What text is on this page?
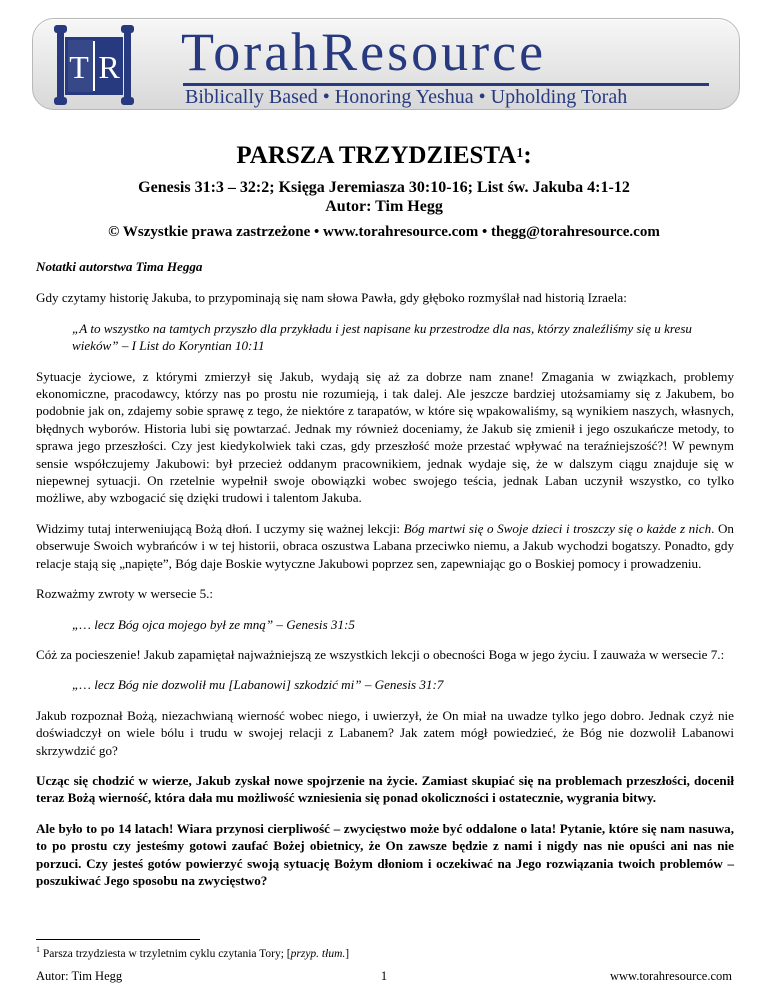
T R TorahResource
Biblically Based • Honoring Yeshua • Upholding Torah
PARSZA TRZYDZIESTA$^1$:
Genesis 31:3 – 32:2; Księga Jeremiasza 30:10-16; List św. Jakuba 4:1-12
Autor: Tim Hegg
© Wszystkie prawa zastrzeżone • www.torahresource.com • thegg@torahresource.com

Notatki autorstwa Tima Hegga

Gdy czytamy historię Jakuba, to przypominają się nam słowa Pawła, gdy głęboko rozmyślał nad historią Izraela:

„A to wszystko na tamtych przyszło dla przykładu i jest napisane ku przestrodze dla nas, którzy znaleźliśmy się u kresu wieków” – I List do Koryntian 10:11

Sytuacje życiowe, z którymi zmierzył się Jakub, wydają się aż za dobrze nam znane! Zmagania w związkach, problemy ekonomiczne, pracodawcy, którzy nas po prostu nie rozumieją, i tak dalej. Ale jeszcze bardziej utożsamiamy się z Jakubem, bo podobnie jak on, zdajemy sobie sprawę z tego, że niektóre z tarapatów, w które się wpakowaliśmy, są wynikiem naszych, własnych, błędnych wyborów. Historia lubi się powtarzać. Jednak my również doceniamy, że Jakub się zmienił i jego oszukańcze metody, to sprawa jego przeszłości. Czy jest kiedykolwiek taki czas, gdy przeszłość może przestać wpływać na teraźniejszość?! W pewnym sensie współczujemy Jakubowi: był przecież oddanym pracownikiem, jednak wydaje się, że w dalszym ciągu znajduje się w niepewnej sytuacji. On rzetelnie wypełnił swoje obowiązki wobec swojego teścia, jednak Laban uczynił wszystko, co tylko możliwe, aby wzbogacić się dzięki trudowi i talentom Jakuba.

Widzimy tutaj interweniującą Bożą dłoń. I uczymy się ważnej lekcji: Bóg martwi się o Swoje dzieci i troszczy się o każde z nich. On obserwuje Swoich wybrańców i w tej historii, obraca oszustwa Labana przeciwko niemu, a Jakub wychodzi bogatszy. Ponadto, gdy relacje stają się „napięte”, Bóg daje Boskie wytyczne Jakubowi poprzez sen, zapewniając go o Boskiej pomocy i prowadzeniu.

Rozważmy zwroty w wersecie 5.:

„… lecz Bóg ojca mojego był ze mną” – Genesis 31:5

Cóż za pocieszenie! Jakub zapamiętał najważniejszą ze wszystkich lekcji o obecności Boga w jego życiu. I zauważa w wersecie 7.:

„… lecz Bóg nie dozwolił mu [Labanowi] szkodzić mi” – Genesis 31:7

Jakub rozpoznał Bożą, niezachwianą wierność wobec niego, i uwierzył, że On miał na uwadze tylko jego dobro. Jednak czyż nie doświadczył on wiele bólu i trudu w swojej relacji z Labanem? Jak zatem mógł powiedzieć, że Bóg nie dozwolił Labanowi skrzywdzić go?

Ucząc się chodzić w wierze, Jakub zyskał nowe spojrzenie na życie. Zamiast skupiać się na problemach przeszłości, docenił teraz Bożą wierność, która dała mu możliwość wzniesienia się ponad okoliczności i ostatecznie, wygrania bitwy.

Ale było to po 14 latach! Wiara przynosi cierpliwość – zwycięstwo może być oddalone o lata! Pytanie, które się nam nasuwa, to po prostu czy jesteśmy gotowi zaufać Bożej obietnicy, że On zawsze będzie z nami i nigdy nas nie opuści ani nas nie porzuci. Czy jesteś gotów powierzyć swoją sytuację Bożym dłoniom i oczekiwać na Jego rozwiązania twoich problemów – poszukiwać Jego sposobu na zwycięstwo?

$^1$ Parsza trzydziesta w trzyletnim cyklu czytania Tory; [przyp. tłum.]
Autor: Tim Hegg	1	www.torahresource.com
